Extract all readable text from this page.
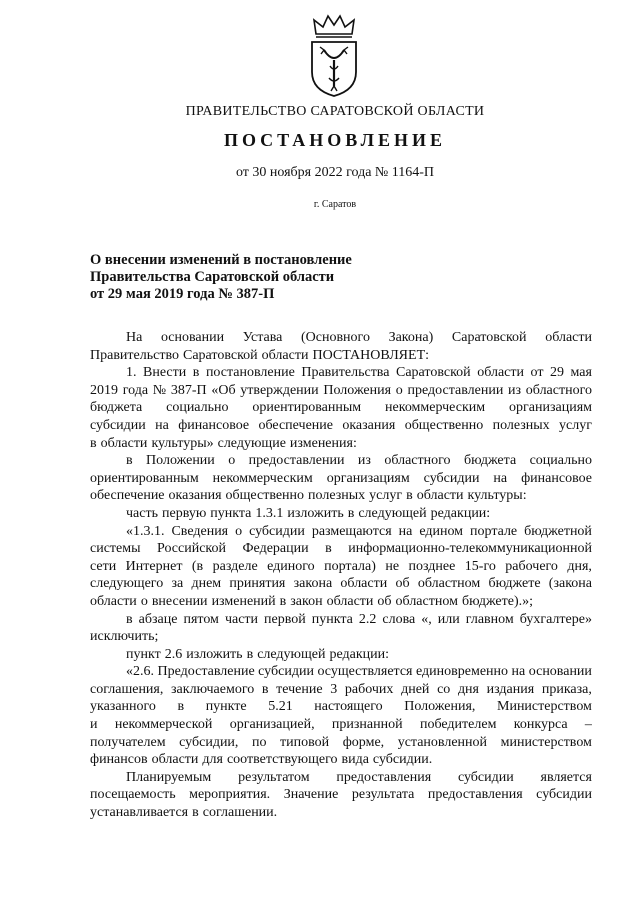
ПРАВИТЕЛЬСТВО САРАТОВСКОЙ ОБЛАСТИ
ПОСТАНОВЛЕНИЕ
от 30 ноября 2022 года № 1164-П
г. Саратов
О внесении изменений в постановление
Правительства Саратовской области
от 29 мая 2019 года № 387-П
На основании Устава (Основного Закона) Саратовской области
Правительство Саратовской области ПОСТАНОВЛЯЕТ:
1. Внести в постановление Правительства Саратовской области от 29 мая
2019 года № 387-П «Об утверждении Положения о предоставлении из областного
бюджета социально ориентированным некоммерческим организациям
субсидии на финансовое обеспечение оказания общественно полезных услуг
в области культуры» следующие изменения:
в Положении о предоставлении из областного бюджета социально
ориентированным некоммерческим организациям субсидии на финансовое
обеспечение оказания общественно полезных услуг в области культуры:
часть первую пункта 1.3.1 изложить в следующей редакции:
«1.3.1. Сведения о субсидии размещаются на едином портале бюджетной
системы Российской Федерации в информационно-телекоммуникационной
сети Интернет (в разделе единого портала) не позднее 15-го рабочего дня,
следующего за днем принятия закона области об областном бюджете (закона
области о внесении изменений в закон области об областном бюджете).»;
в абзаце пятом части первой пункта 2.2 слова «, или главном бухгалтере»
исключить;
пункт 2.6 изложить в следующей редакции:
«2.6. Предоставление субсидии осуществляется единовременно на основании
соглашения, заключаемого в течение 3 рабочих дней со дня издания приказа,
указанного в пункте 5.21 настоящего Положения, Министерством
и некоммерческой организацией, признанной победителем конкурса –
получателем субсидии, по типовой форме, установленной министерством
финансов области для соответствующего вида субсидии.
Планируемым результатом предоставления субсидии является
посещаемость мероприятия. Значение результата предоставления субсидии
устанавливается в соглашении.
